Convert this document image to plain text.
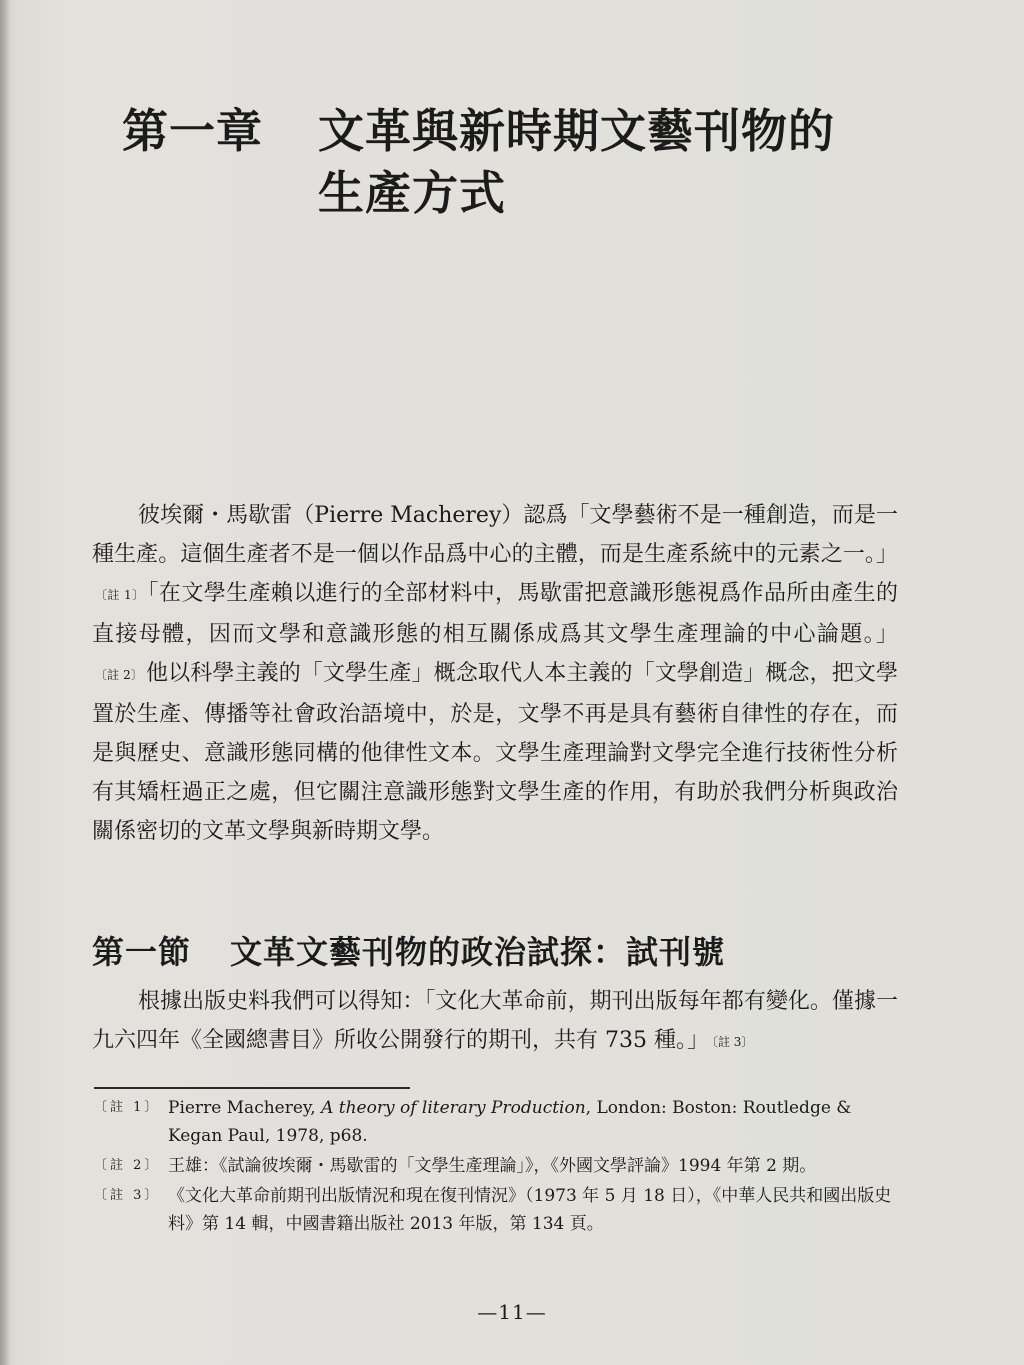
第一章 文革與新時期文藝刊物的
生產方式

彼埃爾・馬歇雷（Pierre Macherey）認爲「文學藝術不是一種創造，而是一種生產。這個生產者不是一個以作品爲中心的主體，而是生產系統中的元素之一。」〔註 1〕 「在文學生產賴以進行的全部材料中，馬歇雷把意識形態視爲作品所由產生的直接母體，因而文學和意識形態的相互關係成爲其文學生產理論的中心論題。」〔註 2〕 他以科學主義的「文學生產」概念取代人本主義的「文學創造」概念，把文學置於生產、傳播等社會政治語境中，於是，文學不再是具有藝術自律性的存在，而是與歷史、意識形態同構的他律性文本。文學生產理論對文學完全進行技術性分析有其矯枉過正之處，但它關注意識形態對文學生產的作用，有助於我們分析與政治關係密切的文革文學與新時期文學。

第一節 文革文藝刊物的政治試探：試刊號

根據出版史料我們可以得知：「文化大革命前，期刊出版每年都有變化。僅據一九六四年《全國總書目》所收公開發行的期刊，共有 735 種。」 〔註 3〕

〔註 1〕 Pierre Macherey, A theory of literary Production, London: Boston: Routledge & Kegan Paul, 1978, p68.
〔註 2〕 王雄：《試論彼埃爾・馬歇雷的「文學生產理論」》，《外國文學評論》1994 年第 2 期。
〔註 3〕 《文化大革命前期刊出版情況和現在復刊情況》（1973 年 5 月 18 日），《中華人民共和國出版史料》第 14 輯，中國書籍出版社 2013 年版，第 134 頁。
—11—
